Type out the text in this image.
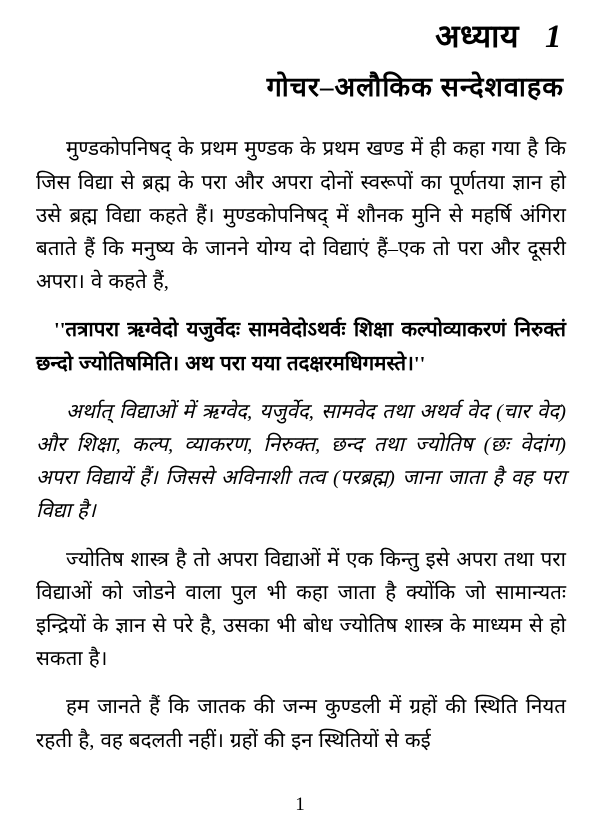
अध्याय 1
गोचर–अलौकिक सन्देशवाहक

मुण्डकोपनिषद् के प्रथम मुण्डक के प्रथम खण्ड में ही कहा गया है कि जिस विद्या से ब्रह्म के परा और अपरा दोनों स्वरूपों का पूर्णतया ज्ञान हो उसे ब्रह्म विद्या कहते हैं। मुण्डकोपनिषद् में शौनक मुनि से महर्षि अंगिरा बताते हैं कि मनुष्य के जानने योग्य दो विद्याएं हैं–एक तो परा और दूसरी अपरा। वे कहते हैं,

''तत्रापरा ऋग्वेदो यजुर्वेदः सामवेदोऽथर्वः शिक्षा कल्पोव्याकरणं निरुक्तं छन्दो ज्योतिषमिति। अथ परा यया तदक्षरमधिगमस्ते।''

अर्थात् विद्याओं में ऋग्वेद, यजुर्वेद, सामवेद तथा अथर्व वेद (चार वेद) और शिक्षा, कल्प, व्याकरण, निरुक्त, छन्द तथा ज्योतिष (छः वेदांग) अपरा विद्यायें हैं। जिससे अविनाशी तत्व (परब्रह्म) जाना जाता है वह परा विद्या है।

ज्योतिष शास्त्र है तो अपरा विद्याओं में एक किन्तु इसे अपरा तथा परा विद्याओं को जोडने वाला पुल भी कहा जाता है क्योंकि जो सामान्यतः इन्द्रियों के ज्ञान से परे है, उसका भी बोध ज्योतिष शास्त्र के माध्यम से हो सकता है।

हम जानते हैं कि जातक की जन्म कुण्डली में ग्रहों की स्थिति नियत रहती है, वह बदलती नहीं। ग्रहों की इन स्थितियों से कई

1
